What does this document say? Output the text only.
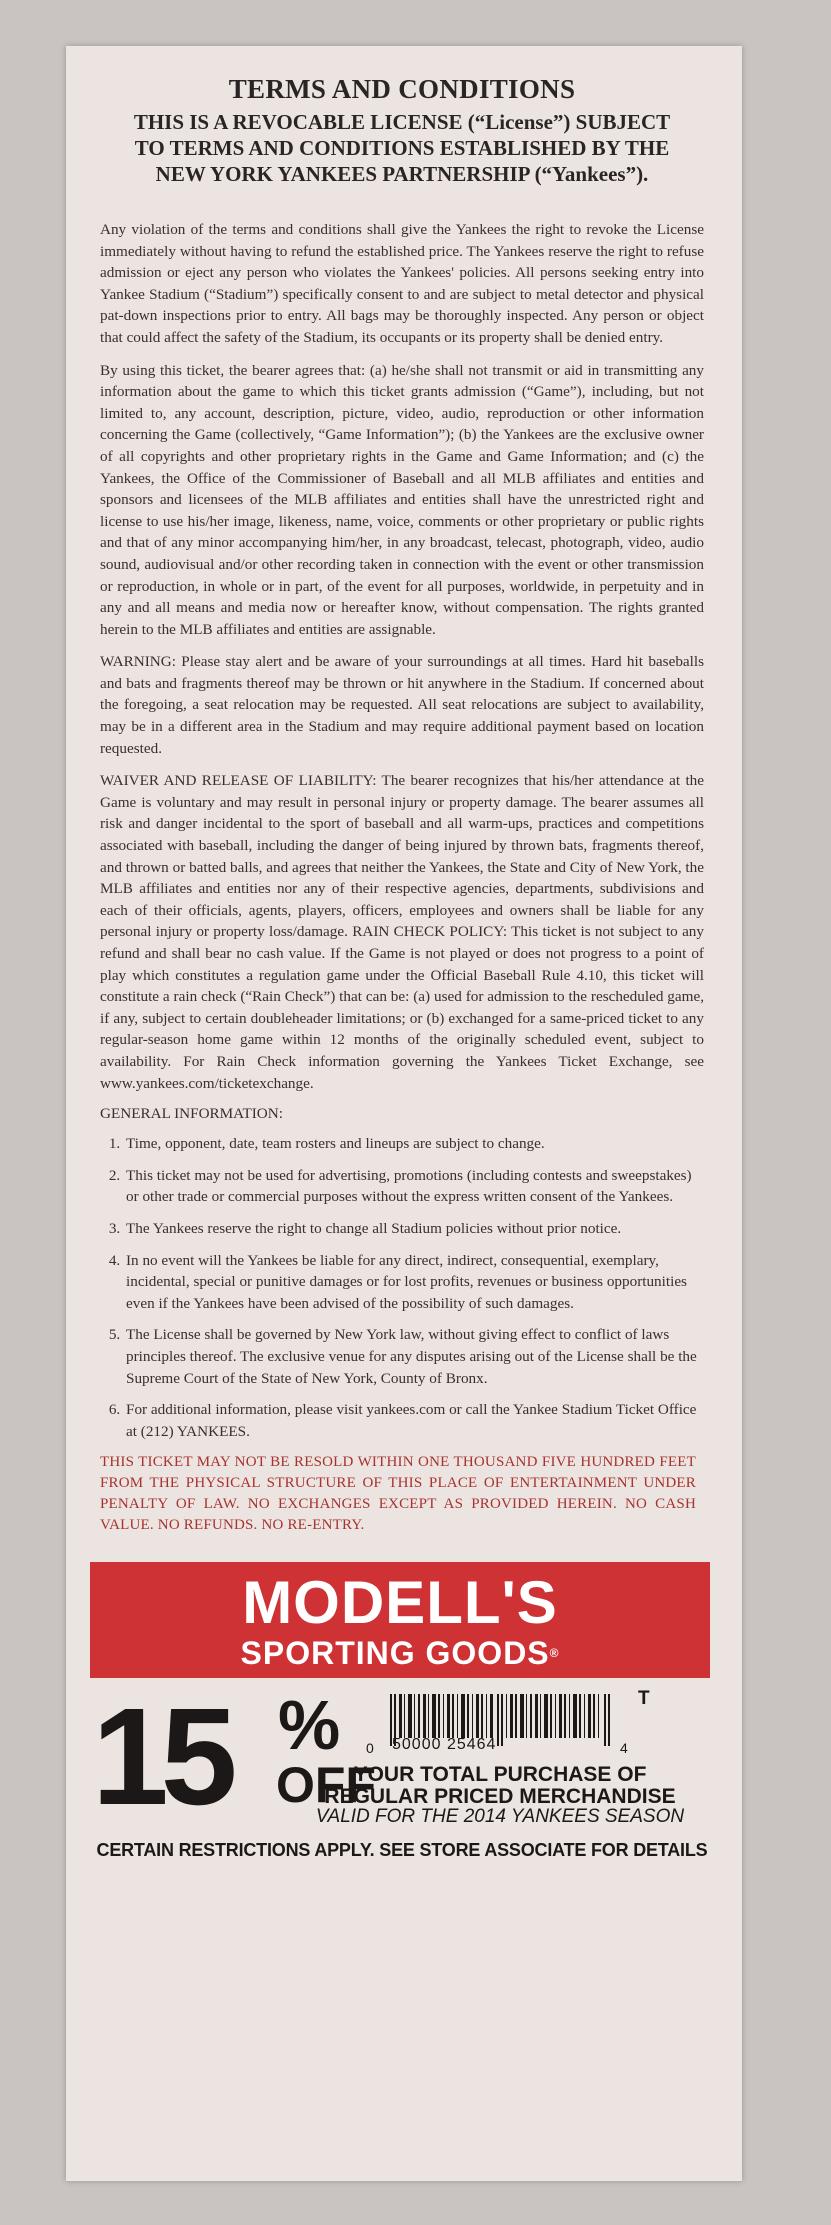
TERMS AND CONDITIONS
THIS IS A REVOCABLE LICENSE (“License”) SUBJECT
TO TERMS AND CONDITIONS ESTABLISHED BY THE
NEW YORK YANKEES PARTNERSHIP (“Yankees”).

Any violation of the terms and conditions shall give the Yankees the right to revoke the License immediately without having to refund the established price. The Yankees reserve the right to refuse admission or eject any person who violates the Yankees' policies. All persons seeking entry into Yankee Stadium (“Stadium”) specifically consent to and are subject to metal detector and physical pat-down inspections prior to entry. All bags may be thoroughly inspected. Any person or object that could affect the safety of the Stadium, its occupants or its property shall be denied entry.

By using this ticket, the bearer agrees that: (a) he/she shall not transmit or aid in transmitting any information about the game to which this ticket grants admission (“Game”), including, but not limited to, any account, description, picture, video, audio, reproduction or other information concerning the Game (collectively, “Game Information”); (b) the Yankees are the exclusive owner of all copyrights and other proprietary rights in the Game and Game Information; and (c) the Yankees, the Office of the Commissioner of Baseball and all MLB affiliates and entities and sponsors and licensees of the MLB affiliates and entities shall have the unrestricted right and license to use his/her image, likeness, name, voice, comments or other proprietary or public rights and that of any minor accompanying him/her, in any broadcast, telecast, photograph, video, audio sound, audiovisual and/or other recording taken in connection with the event or other transmission or reproduction, in whole or in part, of the event for all purposes, worldwide, in perpetuity and in any and all means and media now or hereafter know, without compensation. The rights granted herein to the MLB affiliates and entities are assignable.

WARNING: Please stay alert and be aware of your surroundings at all times. Hard hit baseballs and bats and fragments thereof may be thrown or hit anywhere in the Stadium. If concerned about the foregoing, a seat relocation may be requested. All seat relocations are subject to availability, may be in a different area in the Stadium and may require additional payment based on location requested.

WAIVER AND RELEASE OF LIABILITY: The bearer recognizes that his/her attendance at the Game is voluntary and may result in personal injury or property damage. The bearer assumes all risk and danger incidental to the sport of baseball and all warm-ups, practices and competitions associated with baseball, including the danger of being injured by thrown bats, fragments thereof, and thrown or batted balls, and agrees that neither the Yankees, the State and City of New York, the MLB affiliates and entities nor any of their respective agencies, departments, subdivisions and each of their officials, agents, players, officers, employees and owners shall be liable for any personal injury or property loss/damage. RAIN CHECK POLICY: This ticket is not subject to any refund and shall bear no cash value. If the Game is not played or does not progress to a point of play which constitutes a regulation game under the Official Baseball Rule 4.10, this ticket will constitute a rain check (“Rain Check”) that can be: (a) used for admission to the rescheduled game, if any, subject to certain doubleheader limitations; or (b) exchanged for a same-priced ticket to any regular-season home game within 12 months of the originally scheduled event, subject to availability. For Rain Check information governing the Yankees Ticket Exchange, see www.yankees.com/ticketexchange.

GENERAL INFORMATION:
1. Time, opponent, date, team rosters and lineups are subject to change.
2. This ticket may not be used for advertising, promotions (including contests and sweepstakes) or other trade or commercial purposes without the express written consent of the Yankees.
3. The Yankees reserve the right to change all Stadium policies without prior notice.
4. In no event will the Yankees be liable for any direct, indirect, consequential, exemplary, incidental, special or punitive damages or for lost profits, revenues or business opportunities even if the Yankees have been advised of the possibility of such damages.
5. The License shall be governed by New York law, without giving effect to conflict of laws principles thereof. The exclusive venue for any disputes arising out of the License shall be the Supreme Court of the State of New York, County of Bronx.
6. For additional information, please visit yankees.com or call the Yankee Stadium Ticket Office at (212) YANKEES.
THIS TICKET MAY NOT BE RESOLD WITHIN ONE THOUSAND FIVE HUNDRED FEET FROM THE PHYSICAL STRUCTURE OF THIS PLACE OF ENTERTAINMENT UNDER PENALTY OF LAW. NO EXCHANGES EXCEPT AS PROVIDED HEREIN. NO CASH VALUE. NO REFUNDS. NO RE-ENTRY.
MODELL'S
SPORTING GOODS®
15 %
OFF
0 50000 25464	4
T
YOUR TOTAL PURCHASE OF
REGULAR PRICED MERCHANDISE
VALID FOR THE 2014 YANKEES SEASON
CERTAIN RESTRICTIONS APPLY. SEE STORE ASSOCIATE FOR DETAILS
